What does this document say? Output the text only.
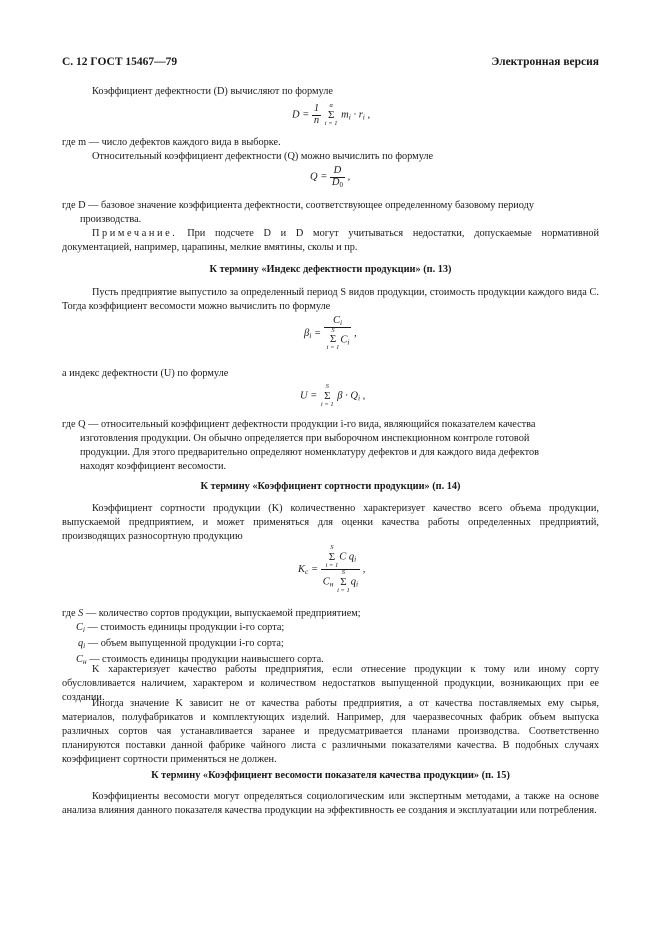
С. 12 ГОСТ 15467—79	Электронная версия
Коэффициент дефектности (D) вычисляют по формуле
$D = \frac{1}{n}$
	α
Σ
i = 1
$m_i \cdot r_i$ ,
где m — число дефектов каждого вида в выборке.
Относительный коэффициент дефектности (Q) можно вычислить по формуле
$Q = \frac{D}{D_0}$ ,
где D — базовое значение коэффициента дефектности, соответствующее определенному базовому периоду
производства.
Примечание. При подсчете D и D могут учитываться недостатки, допускаемые нормативной документацией, например, царапины, мелкие вмятины, сколы и пр.
К термину «Индекс дефектности продукции» (п. 13)
Пусть предприятие выпустило за определенный период S видов продукции, стоимость продукции каждого вида C. Тогда коэффициент весомости можно вычислить по формуле
$\beta_i = C_i$
S
Σ
i = 1
$C_i$ ,
а индекс дефектности (U) по формуле
U =
S
Σ
i = 1
$\beta \cdot Q_i$ ,
где Q — относительный коэффициент дефектности продукции i-го вида, являющийся показателем качества
изготовления продукции. Он обычно определяется при выборочном инспекционном контроле готовой
продукции. Для этого предварительно определяют номенклатуру дефектов и для каждого вида дефектов
находят коэффициент весомости.
К термину «Коэффициент сортности продукции» (п. 14)
Коэффициент сортности продукции (K) количественно характеризует качество всего объема продукции, выпускаемой предприятием, и может применяться для оценки качества работы определенных предприятий, производящих разносортную продукцию
$K_c$ =
S
Σ
i = 1
C $q_i$
$C_н$
S
Σ
i = 1
$q_i$
,
где S — количество сортов продукции, выпускаемой предприятием;
$C_i$ — стоимость единицы продукции i-го сорта;
$q_i$ — объем выпущенной продукции i-го сорта;
$C_н$ — стоимость единицы продукции наивысшего сорта.
K характеризует качество работы предприятия, если отнесение продукции к тому или иному сорту обусловливается наличием, характером и количеством недостатков выпущенной продукции, возникающих при ее создании.
Иногда значение K зависит не от качества работы предприятия, а от качества поставляемых ему сырья, материалов, полуфабрикатов и комплектующих изделий. Например, для чаеразвесочных фабрик объем выпуска различных сортов чая устанавливается заранее и предусматривается планами производства. Соответственно планируются поставки данной фабрике чайного листа с различными показателями качества. В подобных случаях коэффициент сортности применяться не должен.
К термину «Коэффициент весомости показателя качества продукции» (п. 15)
Коэффициенты весомости могут определяться социологическим или экспертным методами, а также на основе анализа влияния данного показателя качества продукции на эффективность ее создания и эксплуатации или потребления.
